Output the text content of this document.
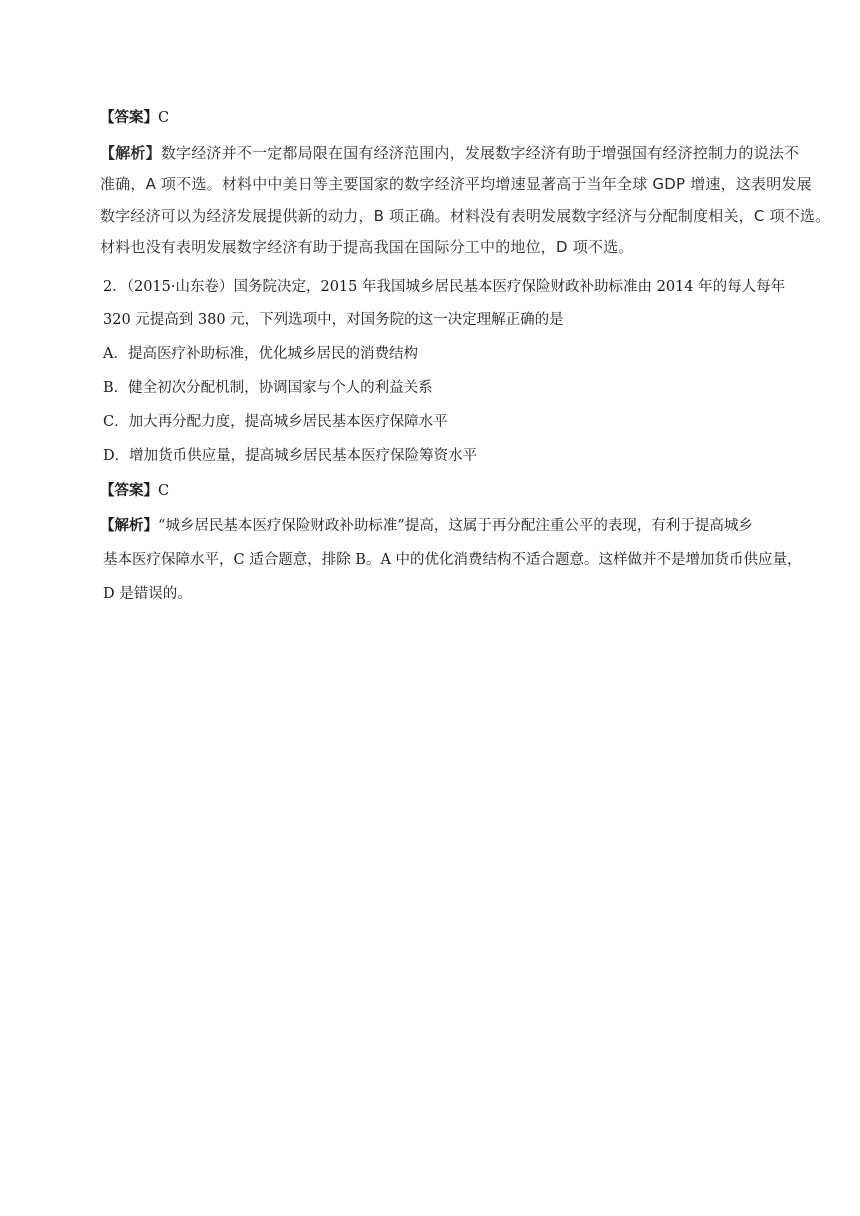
【答案】C
【解析】数字经济并不一定都局限在国有经济范围内，发展数字经济有助于增强国有经济控制力的说法不
准确，A 项不选。材料中中美日等主要国家的数字经济平均增速显著高于当年全球 GDP 增速，这表明发展
数字经济可以为经济发展提供新的动力，B 项正确。材料没有表明发展数字经济与分配制度相关，C 项不选。
材料也没有表明发展数字经济有助于提高我国在国际分工中的地位，D 项不选。
2．（2015·山东卷）国务院决定，2015 年我国城乡居民基本医疗保险财政补助标准由 2014 年的每人每年
320 元提高到 380 元，下列选项中，对国务院的这一决定理解正确的是
A．提高医疗补助标准，优化城乡居民的消费结构
B．健全初次分配机制，协调国家与个人的利益关系
C．加大再分配力度，提高城乡居民基本医疗保障水平
D．增加货币供应量，提高城乡居民基本医疗保险筹资水平
【答案】C
【解析】“城乡居民基本医疗保险财政补助标准”提高，这属于再分配注重公平的表现，有利于提高城乡
基本医疗保障水平，C 适合题意，排除 B。A 中的优化消费结构不适合题意。这样做并不是增加货币供应量，
D 是错误的。
